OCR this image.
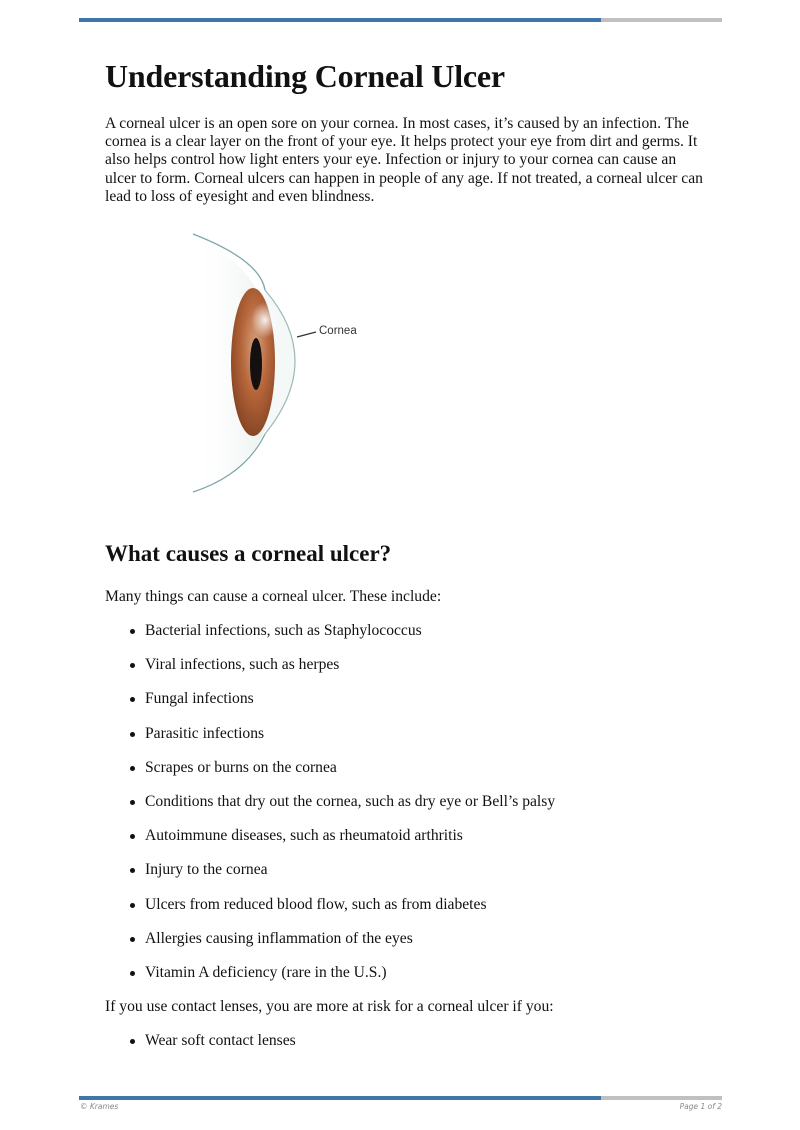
Understanding Corneal Ulcer

A corneal ulcer is an open sore on your cornea. In most cases, it’s caused by an infection. The cornea is a clear layer on the front of your eye. It helps protect your eye from dirt and germs. It also helps control how light enters your eye. Infection or injury to your cornea can cause an ulcer to form. Corneal ulcers can happen in people of any age. If not treated, a corneal ulcer can lead to loss of eyesight and even blindness.

Cornea
What causes a corneal ulcer?

Many things can cause a corneal ulcer. These include:

Bacterial infections, such as Staphylococcus
Viral infections, such as herpes
Fungal infections
Parasitic infections
Scrapes or burns on the cornea
Conditions that dry out the cornea, such as dry eye or Bell’s palsy
Autoimmune diseases, such as rheumatoid arthritis
Injury to the cornea
Ulcers from reduced blood flow, such as from diabetes
Allergies causing inflammation of the eyes
Vitamin A deficiency (rare in the U.S.)

If you use contact lenses, you are more at risk for a corneal ulcer if you:

Wear soft contact lenses
© Krames	Page 1 of 2
